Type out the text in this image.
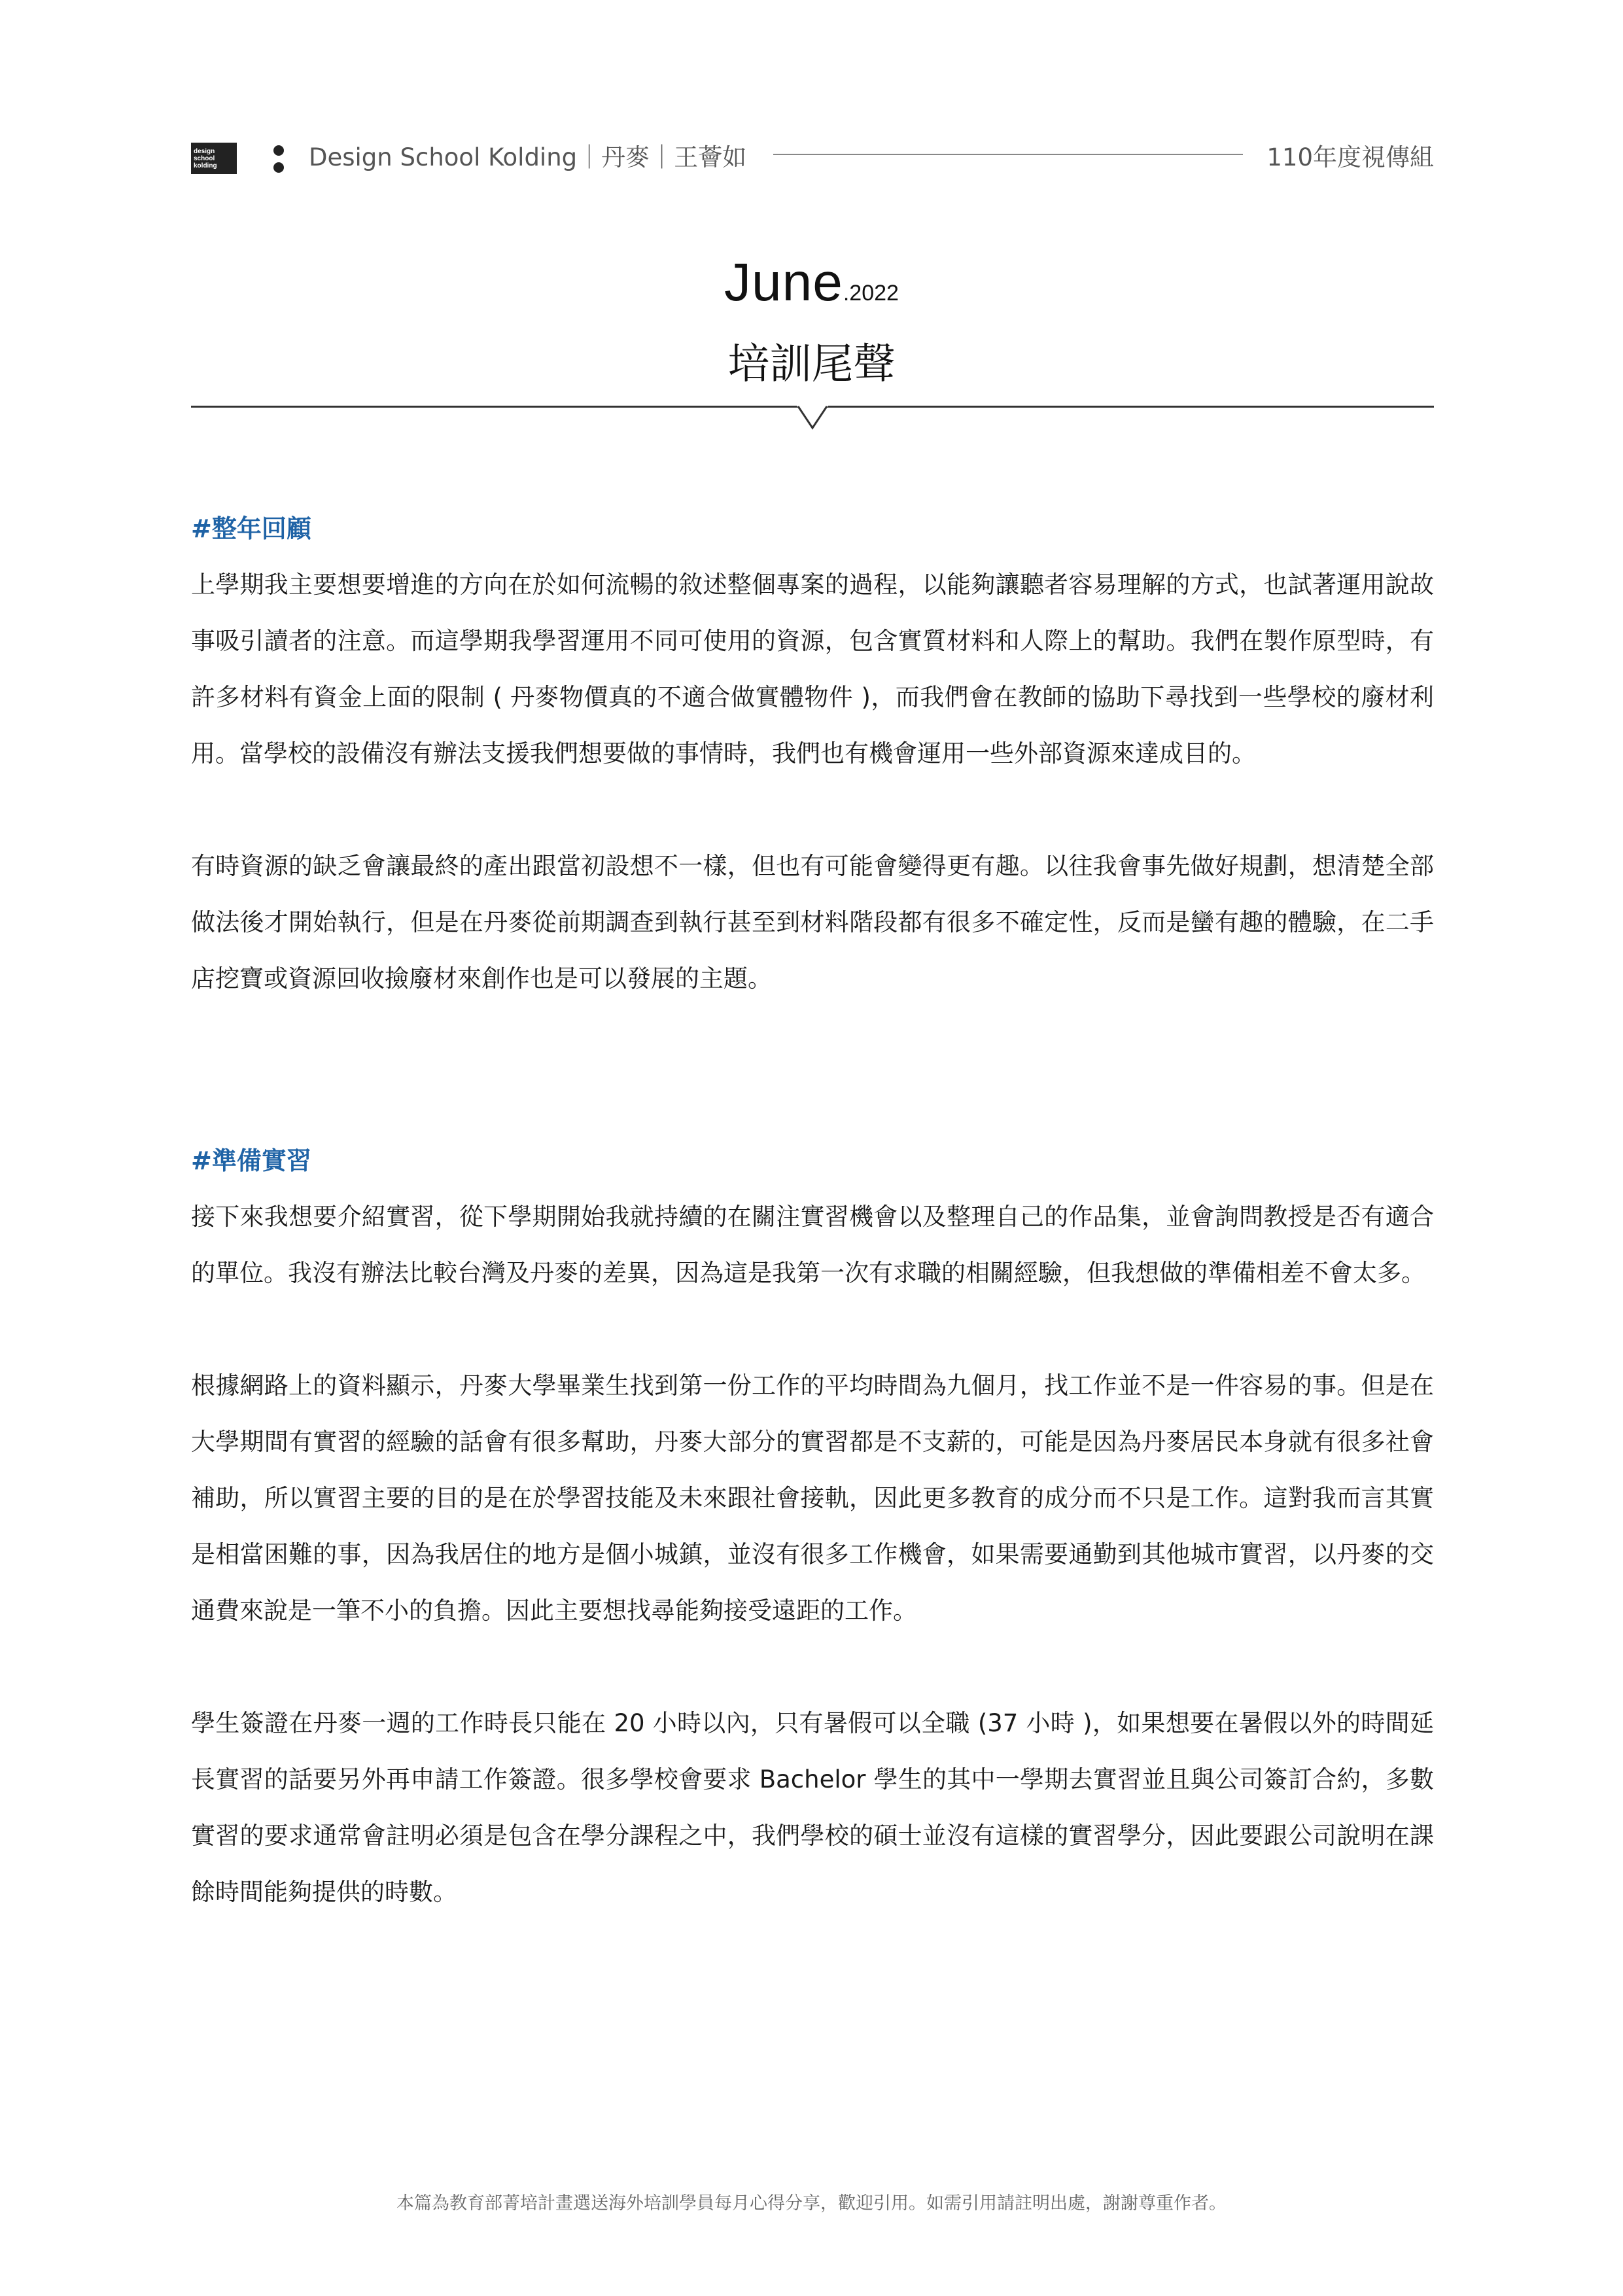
design school kolding	Design School Kolding｜丹麥｜王薈如	110年度視傳組
June.2022
培訓尾聲
#整年回顧
上學期我主要想要增進的方向在於如何流暢的敘述整個專案的過程，以能夠讓聽者容易理解的方式，也試著運用說故事吸引讀者的注意。而這學期我學習運用不同可使用的資源，包含實質材料和人際上的幫助。我們在製作原型時，有許多材料有資金上面的限制 ( 丹麥物價真的不適合做實體物件 )，而我們會在教師的協助下尋找到一些學校的廢材利用。當學校的設備沒有辦法支援我們想要做的事情時，我們也有機會運用一些外部資源來達成目的。
有時資源的缺乏會讓最終的產出跟當初設想不一樣，但也有可能會變得更有趣。以往我會事先做好規劃，想清楚全部做法後才開始執行，但是在丹麥從前期調查到執行甚至到材料階段都有很多不確定性，反而是蠻有趣的體驗，在二手店挖寶或資源回收撿廢材來創作也是可以發展的主題。
#準備實習
接下來我想要介紹實習，從下學期開始我就持續的在關注實習機會以及整理自己的作品集，並會詢問教授是否有適合的單位。我沒有辦法比較台灣及丹麥的差異，因為這是我第一次有求職的相關經驗，但我想做的準備相差不會太多。
根據網路上的資料顯示，丹麥大學畢業生找到第一份工作的平均時間為九個月，找工作並不是一件容易的事。但是在大學期間有實習的經驗的話會有很多幫助，丹麥大部分的實習都是不支薪的，可能是因為丹麥居民本身就有很多社會補助，所以實習主要的目的是在於學習技能及未來跟社會接軌，因此更多教育的成分而不只是工作。這對我而言其實是相當困難的事，因為我居住的地方是個小城鎮，並沒有很多工作機會，如果需要通勤到其他城市實習，以丹麥的交通費來說是一筆不小的負擔。因此主要想找尋能夠接受遠距的工作。
學生簽證在丹麥一週的工作時長只能在 20 小時以內，只有暑假可以全職 (37 小時 )，如果想要在暑假以外的時間延長實習的話要另外再申請工作簽證。很多學校會要求 Bachelor 學生的其中一學期去實習並且與公司簽訂合約，多數實習的要求通常會註明必須是包含在學分課程之中，我們學校的碩士並沒有這樣的實習學分，因此要跟公司說明在課餘時間能夠提供的時數。
本篇為教育部菁培計畫選送海外培訓學員每月心得分享，歡迎引用。如需引用請註明出處，謝謝尊重作者。
